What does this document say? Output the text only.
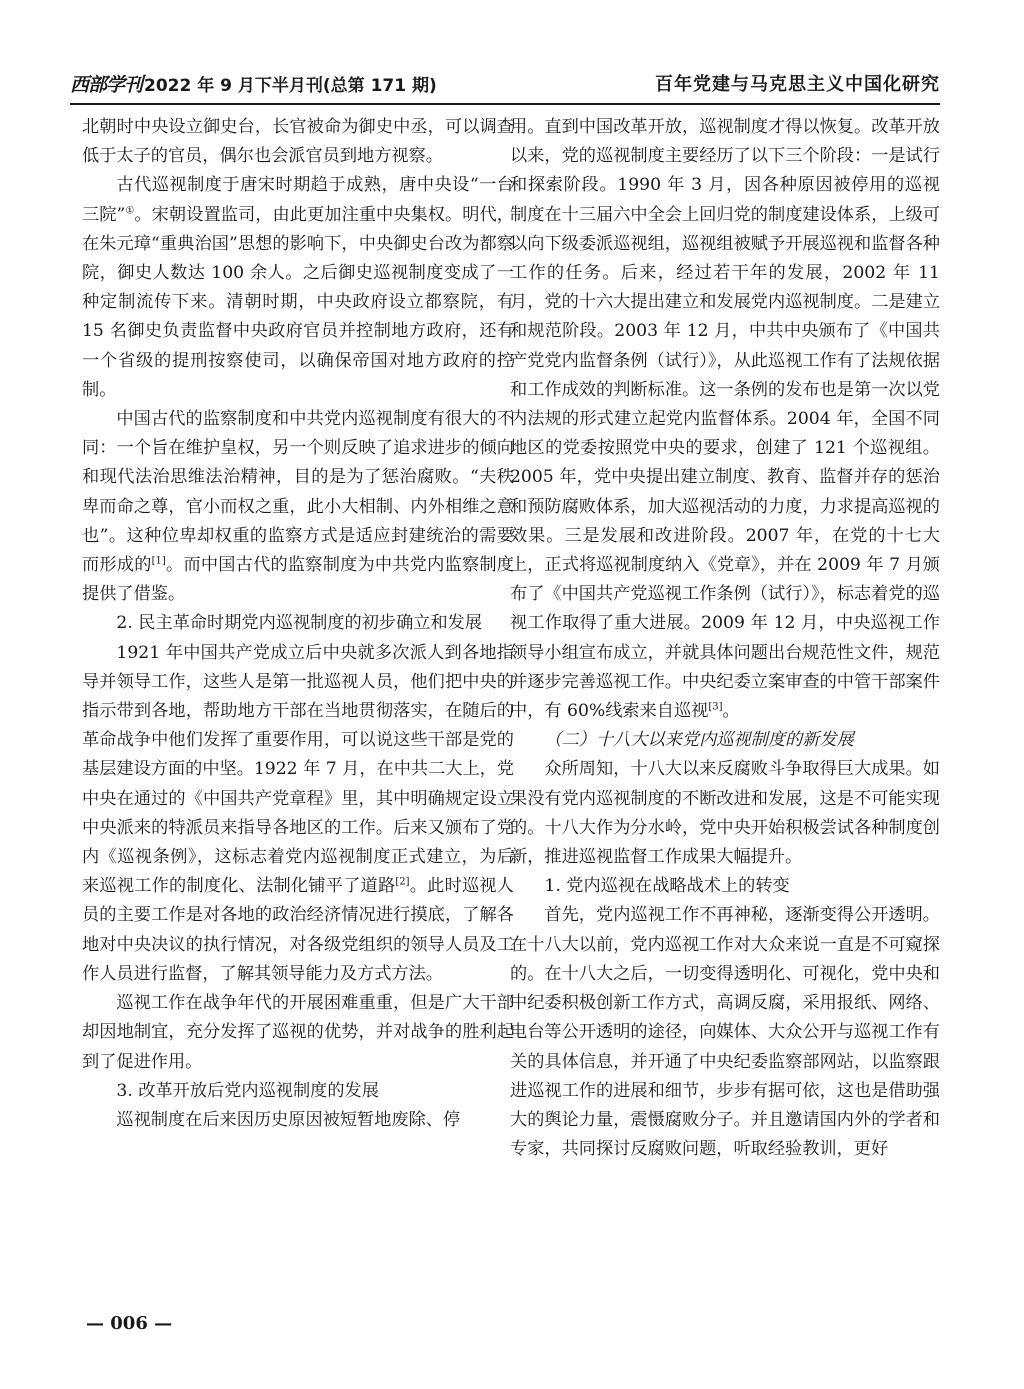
西部学刊 2022 年 9 月下半月刊(总第 171 期)	百年党建与马克思主义中国化研究

北朝时中央设立御史台，长官被命为御史中丞，可以调查低于太子的官员，偶尔也会派官员到地方视察。

古代巡视制度于唐宋时期趋于成熟，唐中央设“一台三院”①。宋朝设置监司，由此更加注重中央集权。明代，在朱元璋“重典治国”思想的影响下，中央御史台改为都察院，御史人数达 100 余人。之后御史巡视制度变成了一种定制流传下来。清朝时期，中央政府设立都察院，有 15 名御史负责监督中央政府官员并控制地方政府，还有一个省级的提刑按察使司，以确保帝国对地方政府的控制。

中国古代的监察制度和中共党内巡视制度有很大的不同：一个旨在维护皇权，另一个则反映了追求进步的倾向和现代法治思维法治精神，目的是为了惩治腐败。“夫秩卑而命之尊，官小而权之重，此小大相制、内外相维之意也”。这种位卑却权重的监察方式是适应封建统治的需要而形成的[1]。而中国古代的监察制度为中共党内监察制度提供了借鉴。

2. 民主革命时期党内巡视制度的初步确立和发展

1921 年中国共产党成立后中央就多次派人到各地指导并领导工作，这些人是第一批巡视人员，他们把中央的指示带到各地，帮助地方干部在当地贯彻落实，在随后的革命战争中他们发挥了重要作用，可以说这些干部是党的基层建设方面的中坚。1922 年 7 月，在中共二大上，党中央在通过的《中国共产党章程》里，其中明确规定设立中央派来的特派员来指导各地区的工作。后来又颁布了党内《巡视条例》，这标志着党内巡视制度正式建立，为后来巡视工作的制度化、法制化铺平了道路[2]。此时巡视人员的主要工作是对各地的政治经济情况进行摸底，了解各地对中央决议的执行情况，对各级党组织的领导人员及工作人员进行监督，了解其领导能力及方式方法。

巡视工作在战争年代的开展困难重重，但是广大干部却因地制宜，充分发挥了巡视的优势，并对战争的胜利起到了促进作用。

3. 改革开放后党内巡视制度的发展

巡视制度在后来因历史原因被短暂地废除、停

用。直到中国改革开放，巡视制度才得以恢复。改革开放以来，党的巡视制度主要经历了以下三个阶段：一是试行和探索阶段。1990 年 3 月，因各种原因被停用的巡视制度在十三届六中全会上回归党的制度建设体系，上级可以向下级委派巡视组，巡视组被赋予开展巡视和监督各种工作的任务。后来，经过若干年的发展，2002 年 11 月，党的十六大提出建立和发展党内巡视制度。二是建立和规范阶段。2003 年 12 月，中共中央颁布了《中国共产党党内监督条例（试行）》，从此巡视工作有了法规依据和工作成效的判断标准。这一条例的发布也是第一次以党内法规的形式建立起党内监督体系。2004 年，全国不同地区的党委按照党中央的要求，创建了 121 个巡视组。2005 年，党中央提出建立制度、教育、监督并存的惩治和预防腐败体系，加大巡视活动的力度，力求提高巡视的效果。三是发展和改进阶段。2007 年，在党的十七大上，正式将巡视制度纳入《党章》，并在 2009 年 7 月颁布了《中国共产党巡视工作条例（试行）》，标志着党的巡视工作取得了重大进展。2009 年 12 月，中央巡视工作领导小组宣布成立，并就具体问题出台规范性文件，规范并逐步完善巡视工作。中央纪委立案审查的中管干部案件中，有 60%线索来自巡视[3]。

（二）十八大以来党内巡视制度的新发展

众所周知，十八大以来反腐败斗争取得巨大成果。如果没有党内巡视制度的不断改进和发展，这是不可能实现的。十八大作为分水岭，党中央开始积极尝试各种制度创新，推进巡视监督工作成果大幅提升。

1. 党内巡视在战略战术上的转变

首先，党内巡视工作不再神秘，逐渐变得公开透明。在十八大以前，党内巡视工作对大众来说一直是不可窥探的。在十八大之后，一切变得透明化、可视化，党中央和中纪委积极创新工作方式，高调反腐，采用报纸、网络、电台等公开透明的途径，向媒体、大众公开与巡视工作有关的具体信息，并开通了中央纪委监察部网站，以监察跟进巡视工作的进展和细节，步步有据可依，这也是借助强大的舆论力量，震慑腐败分子。并且邀请国内外的学者和专家，共同探讨反腐败问题，听取经验教训，更好

— 006 —
